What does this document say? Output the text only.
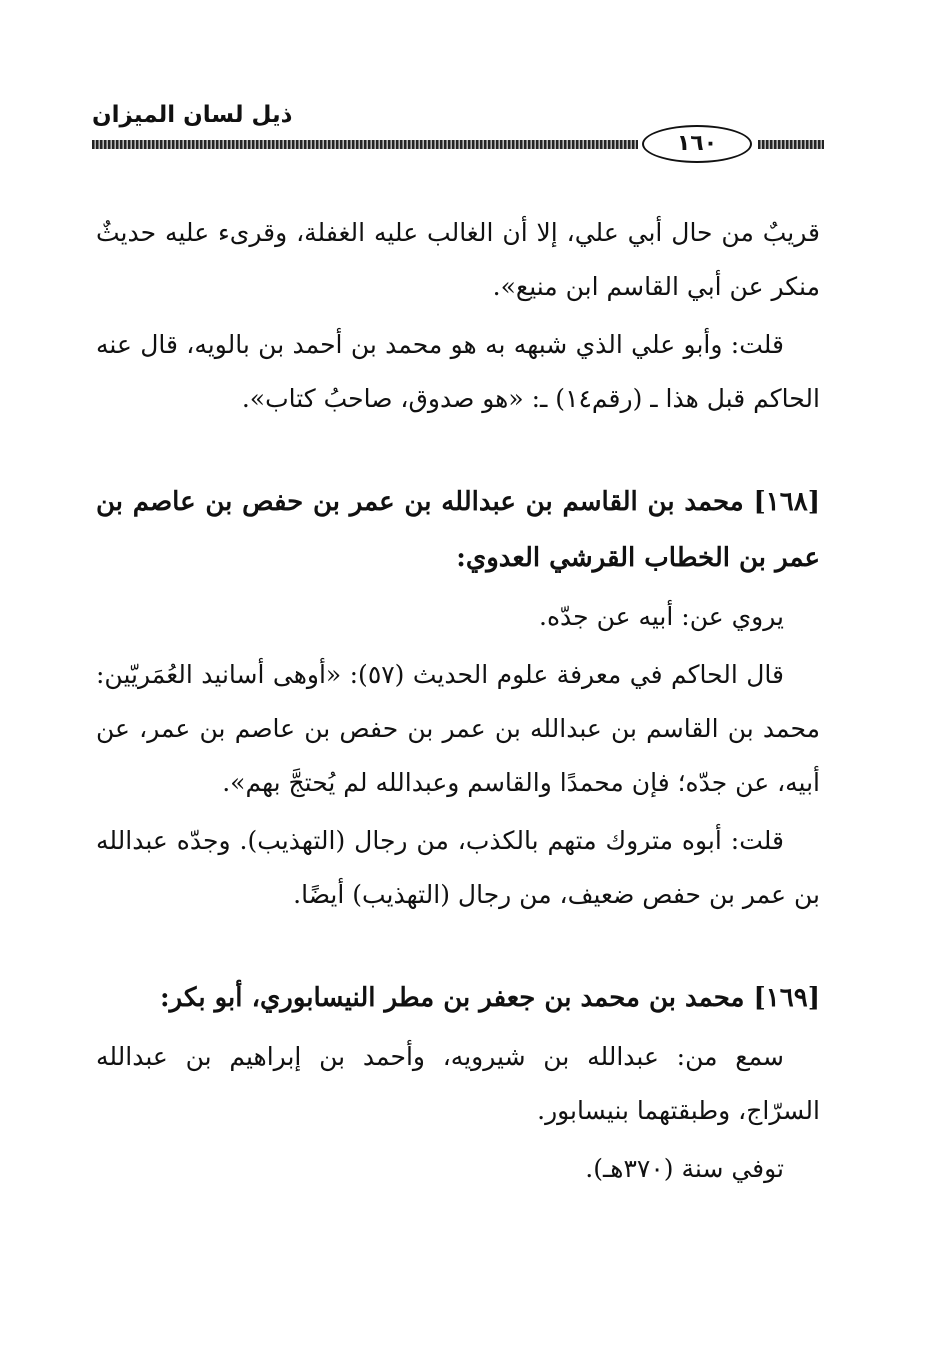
ذيل لسان الميزان
١٦٠

قريبٌ من حال أبي علي، إلا أن الغالب عليه الغفلة، وقرىء عليه حديثٌ منكر عن أبي القاسم ابن منيع».

قلت: وأبو علي الذي شبهه به هو محمد بن أحمد بن بالويه، قال عنه الحاكم قبل هذا ـ (رقم١٤) ـ: «هو صدوق، صاحبُ كتاب».

[١٦٨] محمد بن القاسم بن عبدالله بن عمر بن حفص بن عاصم بن عمر بن الخطاب القرشي العدوي:

يروي عن: أبيه عن جدّه.

قال الحاكم في معرفة علوم الحديث (٥٧): «أوهى أسانيد العُمَريّين: محمد بن القاسم بن عبدالله بن عمر بن حفص بن عاصم بن عمر، عن أبيه، عن جدّه؛ فإن محمدًا والقاسم وعبدالله لم يُحتجَّ بهم».

قلت: أبوه متروك متهم بالكذب، من رجال (التهذيب). وجدّه عبدالله بن عمر بن حفص ضعيف، من رجال (التهذيب) أيضًا.

[١٦٩] محمد بن محمد بن جعفر بن مطر النيسابوري، أبو بكر:

سمع من: عبدالله بن شيرويه، وأحمد بن إبراهيم بن عبدالله السرّاج، وطبقتهما بنيسابور.

توفي سنة (٣٧٠هـ).
